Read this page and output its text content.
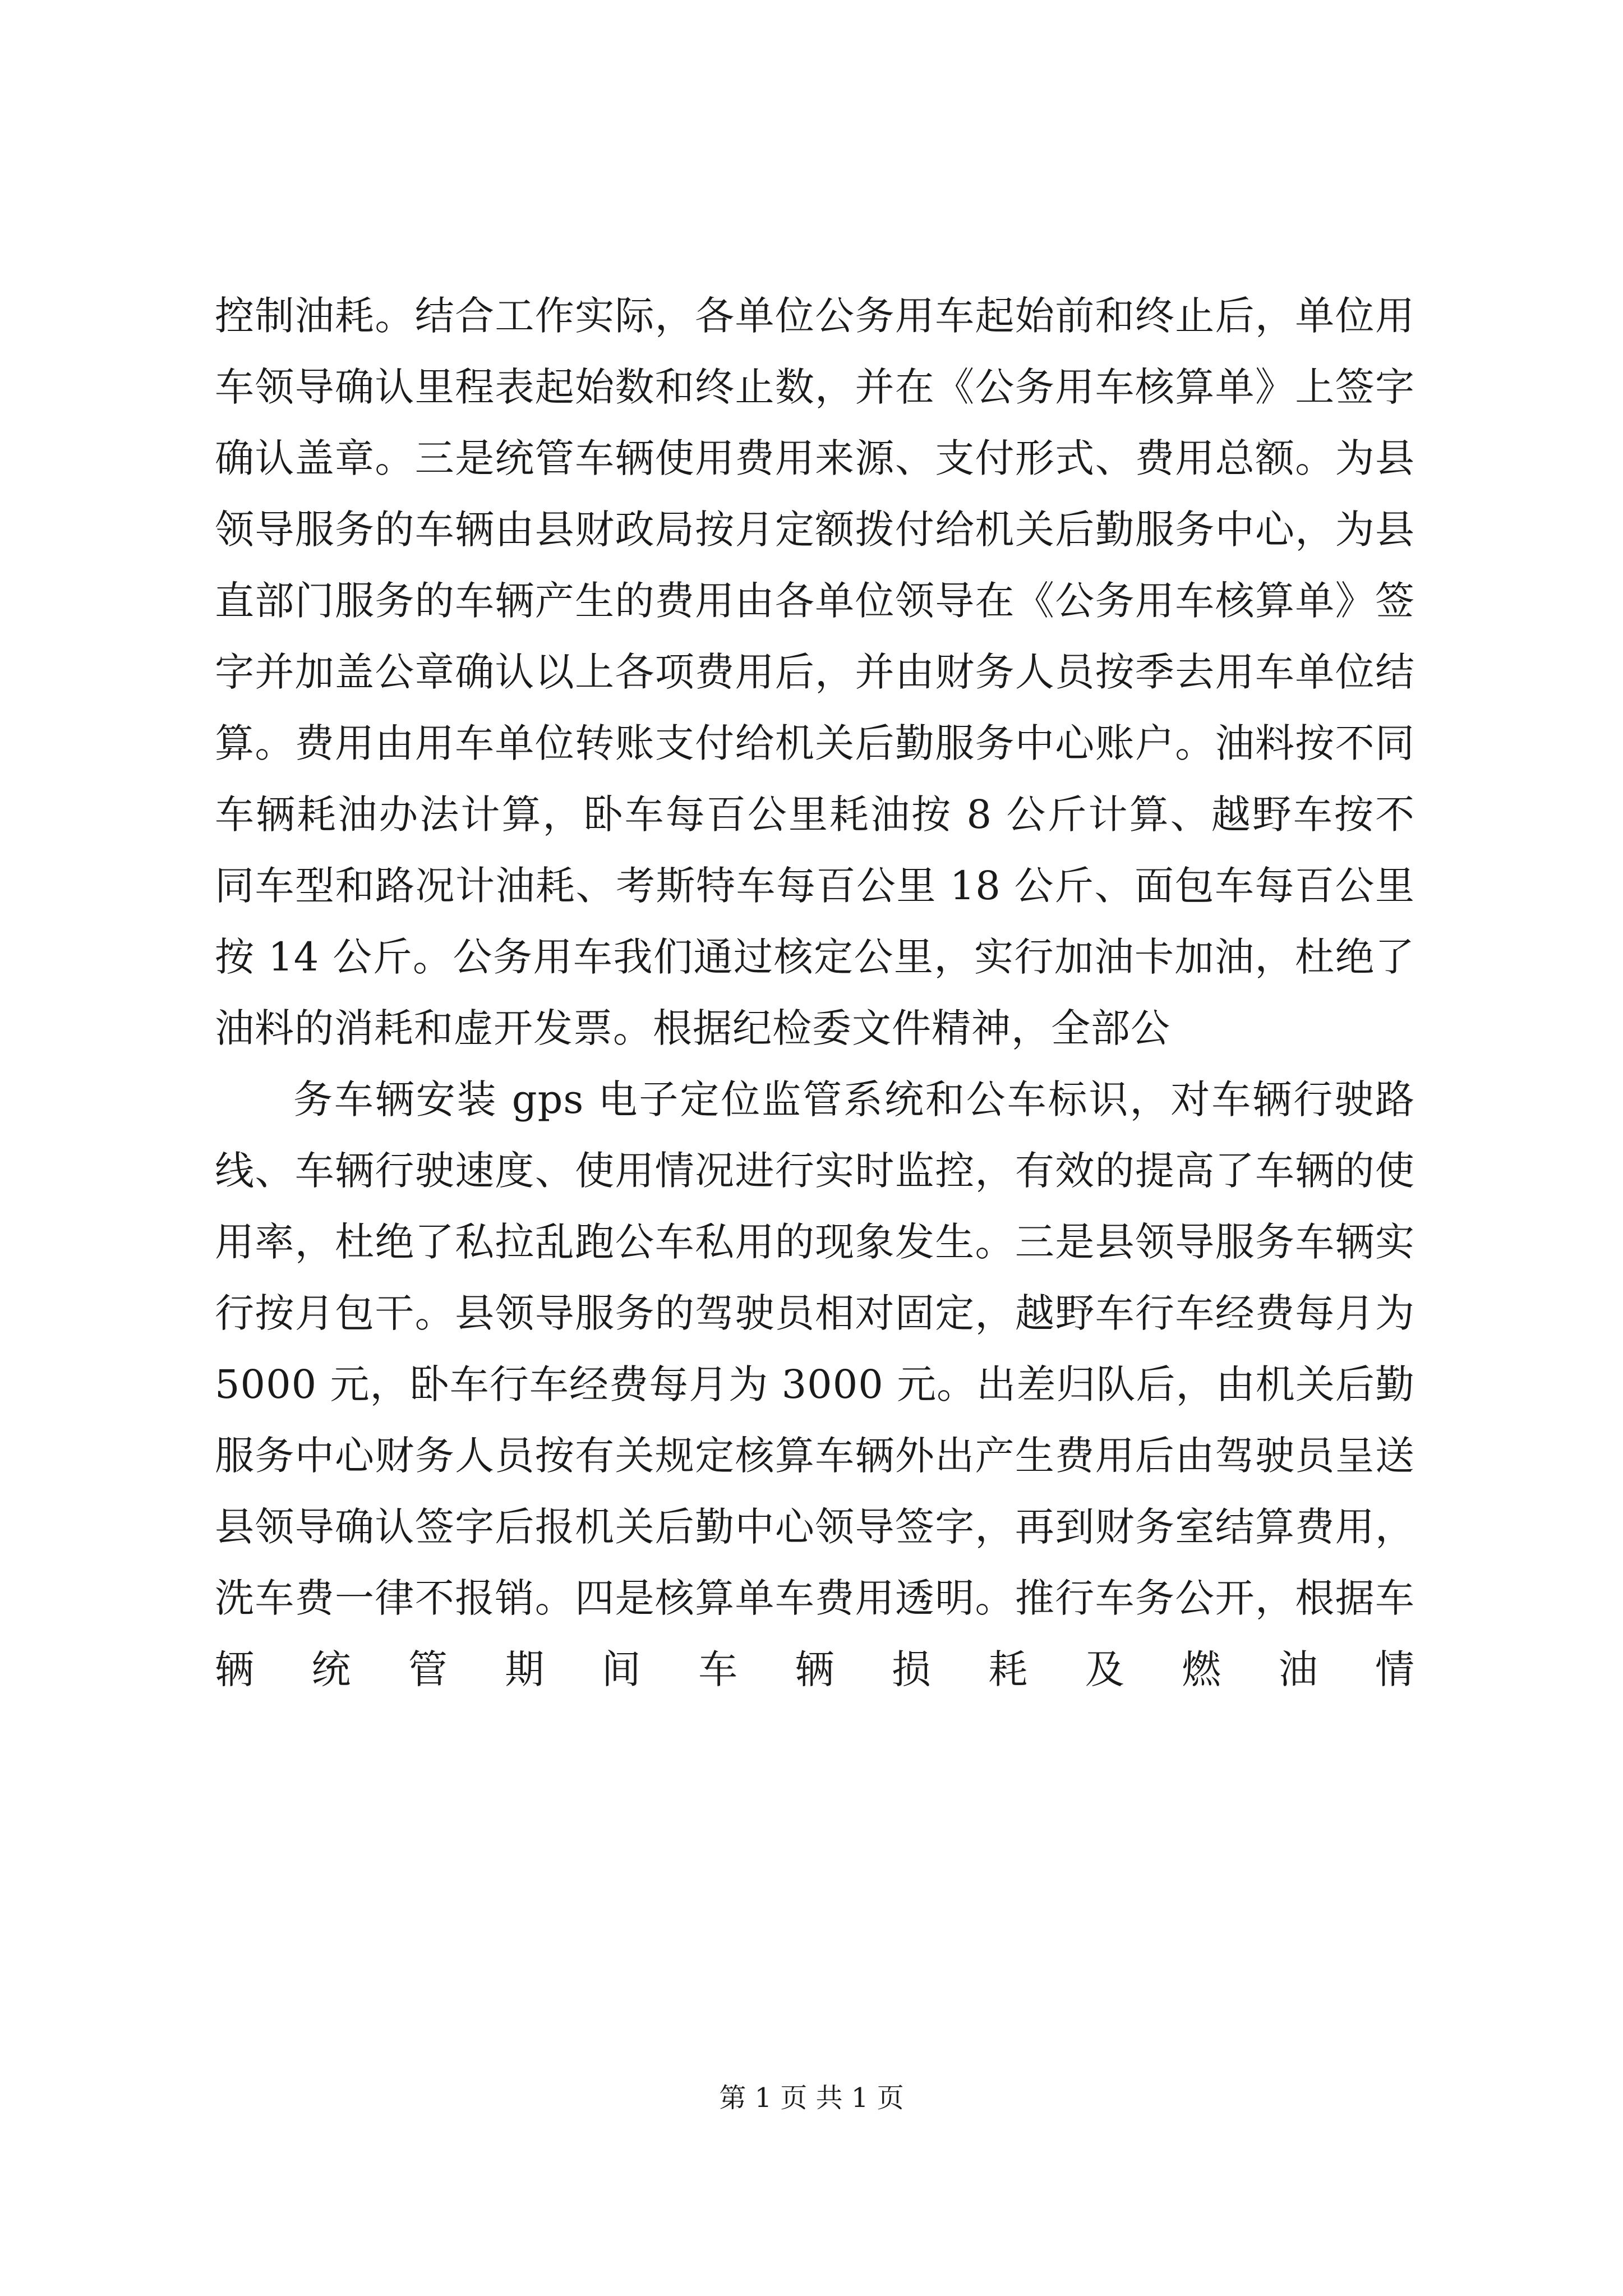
控制油耗。结合工作实际，各单位公务用车起始前和终止后，单位用车领导确认里程表起始数和终止数，并在《公务用车核算单》上签字确认盖章。三是统管车辆使用费用来源、支付形式、费用总额。为县领导服务的车辆由县财政局按月定额拨付给机关后勤服务中心，为县直部门服务的车辆产生的费用由各单位领导在《公务用车核算单》签字并加盖公章确认以上各项费用后，并由财务人员按季去用车单位结算。费用由用车单位转账支付给机关后勤服务中心账户。油料按不同车辆耗油办法计算，卧车每百公里耗油按 8 公斤计算、越野车按不同车型和路况计油耗、考斯特车每百公里 18 公斤、面包车每百公里按 14 公斤。公务用车我们通过核定公里，实行加油卡加油，杜绝了油料的消耗和虚开发票。根据纪检委文件精神，全部公

务车辆安装 gps 电子定位监管系统和公车标识，对车辆行驶路线、车辆行驶速度、使用情况进行实时监控，有效的提高了车辆的使用率，杜绝了私拉乱跑公车私用的现象发生。三是县领导服务车辆实行按月包干。县领导服务的驾驶员相对固定，越野车行车经费每月为 5000 元，卧车行车经费每月为 3000 元。出差归队后，由机关后勤服务中心财务人员按有关规定核算车辆外出产生费用后由驾驶员呈送县领导确认签字后报机关后勤中心领导签字，再到财务室结算费用，洗车费一律不报销。四是核算单车费用透明。推行车务公开，根据车辆统管期间车辆损耗及燃油情

第 1 页 共 1 页
